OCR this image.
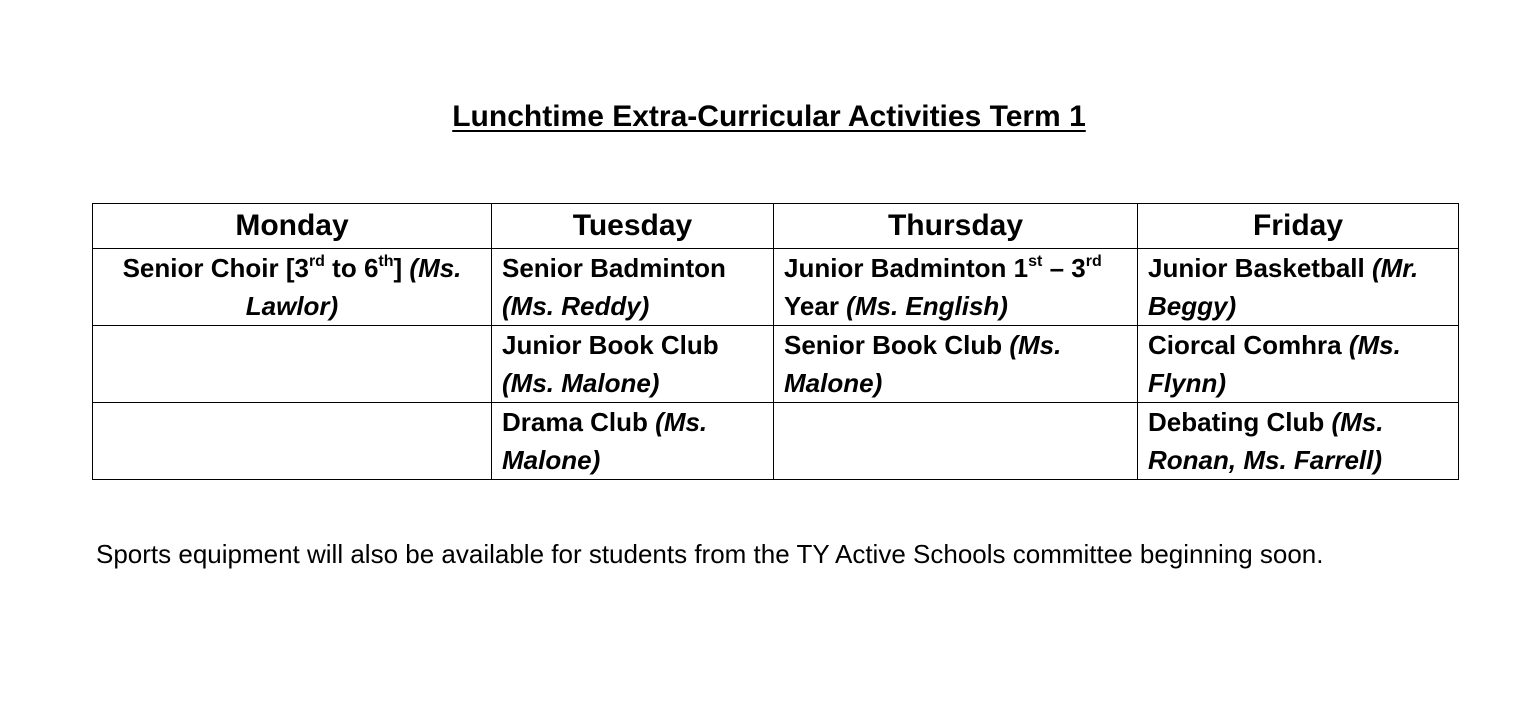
Lunchtime Extra-Curricular Activities Term 1
Monday	Tuesday	Thursday	Friday
Senior Choir [3rd to 6th] (Ms. Lawlor)	Senior Badminton (Ms. Reddy)	Junior Badminton 1st – 3rd Year (Ms. English)	Junior Basketball (Mr. Beggy)
	Junior Book Club (Ms. Malone)	Senior Book Club (Ms. Malone)	Ciorcal Comhra (Ms. Flynn)
	Drama Club (Ms. Malone)		Debating Club (Ms. Ronan, Ms. Farrell)
Sports equipment will also be available for students from the TY Active Schools committee beginning soon.
